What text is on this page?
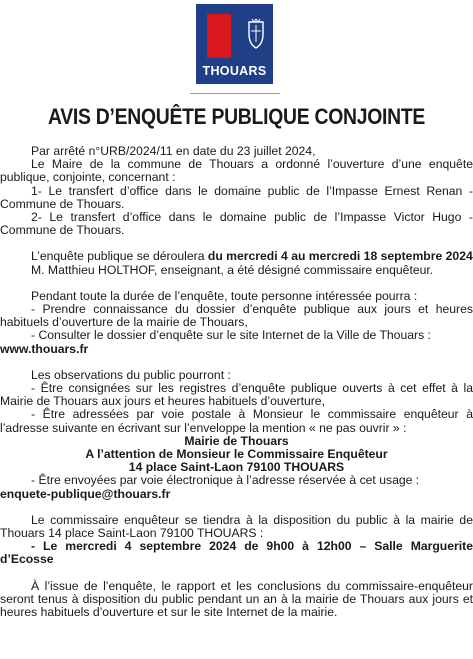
THOUARS
AVIS D’ENQUÊTE PUBLIQUE CONJOINTE

Par arrêté n°URB/2024/11 en date du 23 juillet 2024,

Le Maire de la commune de Thouars a ordonné l’ouverture d’une enquête publique, conjointe, concernant :

1- Le transfert d’office dans le domaine public de l’Impasse Ernest Renan - Commune de Thouars.

2- Le transfert d’office dans le domaine public de l’Impasse Victor Hugo - Commune de Thouars.

L’enquête publique se déroulera du mercredi 4 au mercredi 18 septembre 2024

M. Matthieu HOLTHOF, enseignant, a été désigné commissaire enquêteur.

Pendant toute la durée de l’enquête, toute personne intéressée pourra :

- Prendre connaissance du dossier d’enquête publique aux jours et heures habituels d’ouverture de la mairie de Thouars,

- Consulter le dossier d’enquête sur le site Internet de la Ville de Thouars :

www.thouars.fr

Les observations du public pourront :

- Être consignées sur les registres d’enquête publique ouverts à cet effet à la Mairie de Thouars aux jours et heures habituels d’ouverture,

- Être adressées par voie postale à Monsieur le commissaire enquêteur à l’adresse suivante en écrivant sur l’enveloppe la mention « ne pas ouvrir » :

Mairie de Thouars

A l’attention de Monsieur le Commissaire Enquêteur

14 place Saint-Laon 79100 THOUARS

- Être envoyées par voie électronique à l’adresse réservée à cet usage :

enquete-publique@thouars.fr

Le commissaire enquêteur se tiendra à la disposition du public à la mairie de Thouars 14 place Saint-Laon 79100 THOUARS :

- Le mercredi 4 septembre 2024 de 9h00 à 12h00 – Salle Marguerite d’Ecosse

À l’issue de l’enquête, le rapport et les conclusions du commissaire-enquêteur seront tenus à disposition du public pendant un an à la mairie de Thouars aux jours et heures habituels d’ouverture et sur le site Internet de la mairie.
